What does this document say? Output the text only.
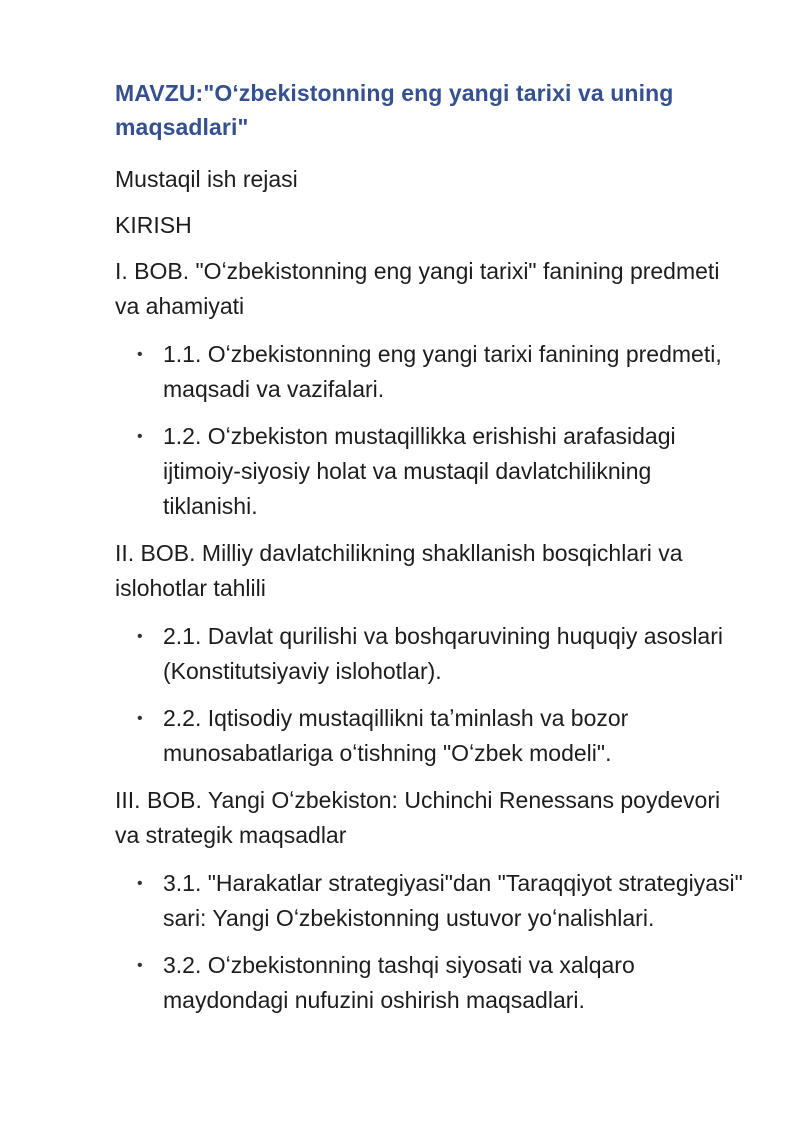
MAVZU:"Oʻzbekistonning eng yangi tarixi va uning maqsadlari"

Mustaqil ish rejasi

KIRISH

I. BOB. "Oʻzbekistonning eng yangi tarixi" fanining predmeti va ahamiyati

• 1.1. Oʻzbekistonning eng yangi tarixi fanining predmeti, maqsadi va vazifalari.
• 1.2. Oʻzbekiston mustaqillikka erishishi arafasidagi ijtimoiy-siyosiy holat va mustaqil davlatchilikning tiklanishi.

II. BOB. Milliy davlatchilikning shakllanish bosqichlari va islohotlar tahlili

• 2.1. Davlat qurilishi va boshqaruvining huquqiy asoslari (Konstitutsiyaviy islohotlar).
• 2.2. Iqtisodiy mustaqillikni taʼminlash va bozor munosabatlariga oʻtishning "Oʻzbek modeli".

III. BOB. Yangi Oʻzbekiston: Uchinchi Renessans poydevori va strategik maqsadlar

• 3.1. "Harakatlar strategiyasi"dan "Taraqqiyot strategiyasi" sari: Yangi Oʻzbekistonning ustuvor yoʻnalishlari.
• 3.2. Oʻzbekistonning tashqi siyosati va xalqaro maydondagi nufuzini oshirish maqsadlari.
